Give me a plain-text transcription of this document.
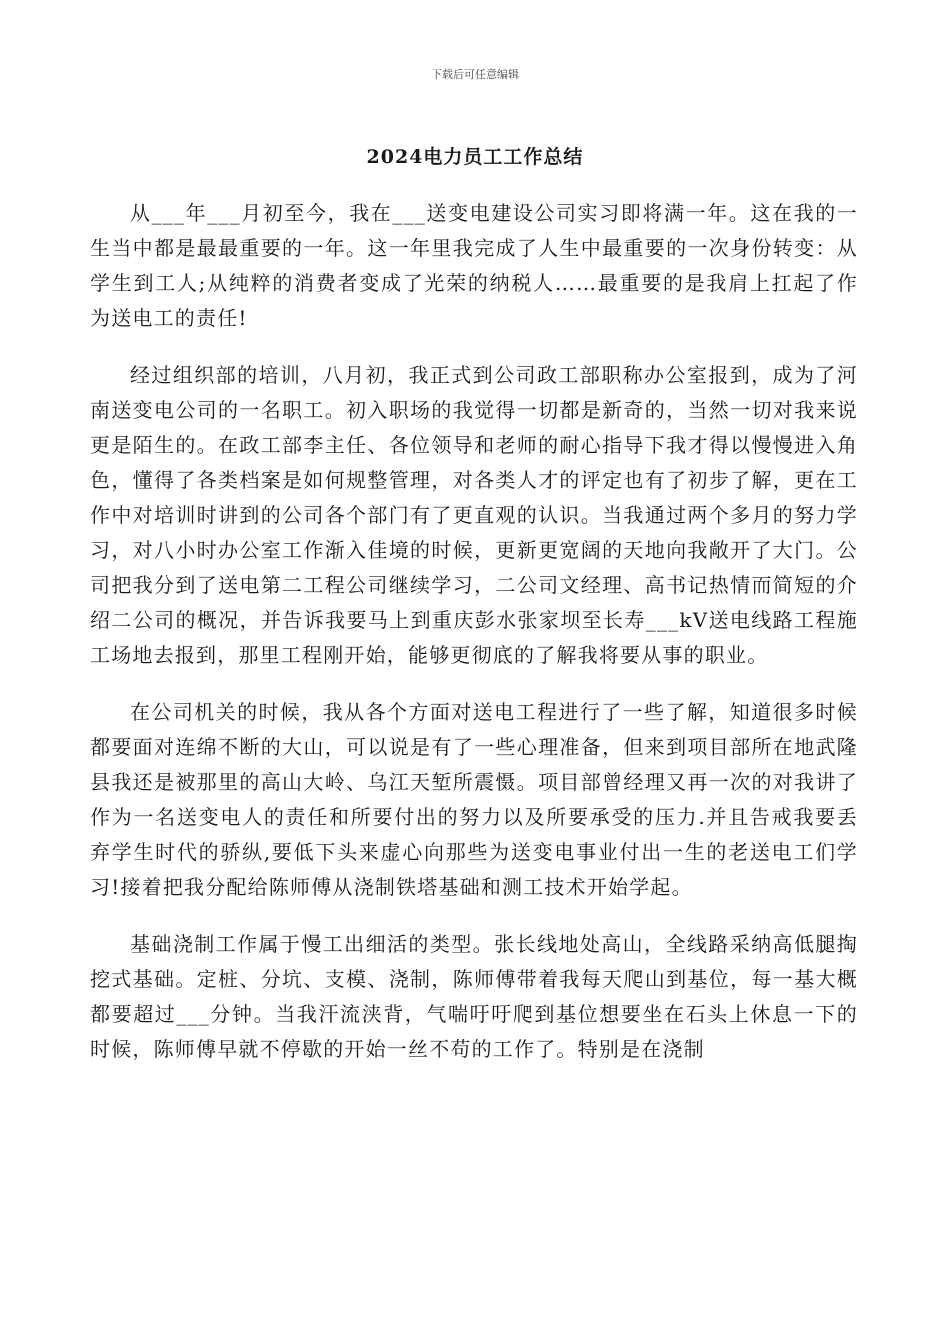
下载后可任意编辑
2024电力员工工作总结

从___年___月初至今，我在___送变电建设公司实习即将满一年。这在我的一生当中都是最最重要的一年。这一年里我完成了人生中最重要的一次身份转变：从学生到工人;从纯粹的消费者变成了光荣的纳税人……最重要的是我肩上扛起了作为送电工的责任!

经过组织部的培训，八月初，我正式到公司政工部职称办公室报到，成为了河南送变电公司的一名职工。初入职场的我觉得一切都是新奇的，当然一切对我来说更是陌生的。在政工部李主任、各位领导和老师的耐心指导下我才得以慢慢进入角色，懂得了各类档案是如何规整管理，对各类人才的评定也有了初步了解，更在工作中对培训时讲到的公司各个部门有了更直观的认识。当我通过两个多月的努力学习，对八小时办公室工作渐入佳境的时候，更新更宽阔的天地向我敞开了大门。公司把我分到了送电第二工程公司继续学习，二公司文经理、高书记热情而简短的介绍二公司的概况，并告诉我要马上到重庆彭水张家坝至长寿___kV送电线路工程施工场地去报到，那里工程刚开始，能够更彻底的了解我将要从事的职业。

在公司机关的时候，我从各个方面对送电工程进行了一些了解，知道很多时候都要面对连绵不断的大山，可以说是有了一些心理准备，但来到项目部所在地武隆县我还是被那里的高山大岭、乌江天堑所震慑。项目部曾经理又再一次的对我讲了作为一名送变电人的责任和所要付出的努力以及所要承受的压力.并且告戒我要丢弃学生时代的骄纵,要低下头来虚心向那些为送变电事业付出一生的老送电工们学习!接着把我分配给陈师傅从浇制铁塔基础和测工技术开始学起。

基础浇制工作属于慢工出细活的类型。张长线地处高山，全线路采纳高低腿掏挖式基础。定桩、分坑、支模、浇制，陈师傅带着我每天爬山到基位，每一基大概都要超过___分钟。当我汗流浃背，气喘吁吁爬到基位想要坐在石头上休息一下的时候，陈师傅早就不停歇的开始一丝不苟的工作了。特别是在浇制
